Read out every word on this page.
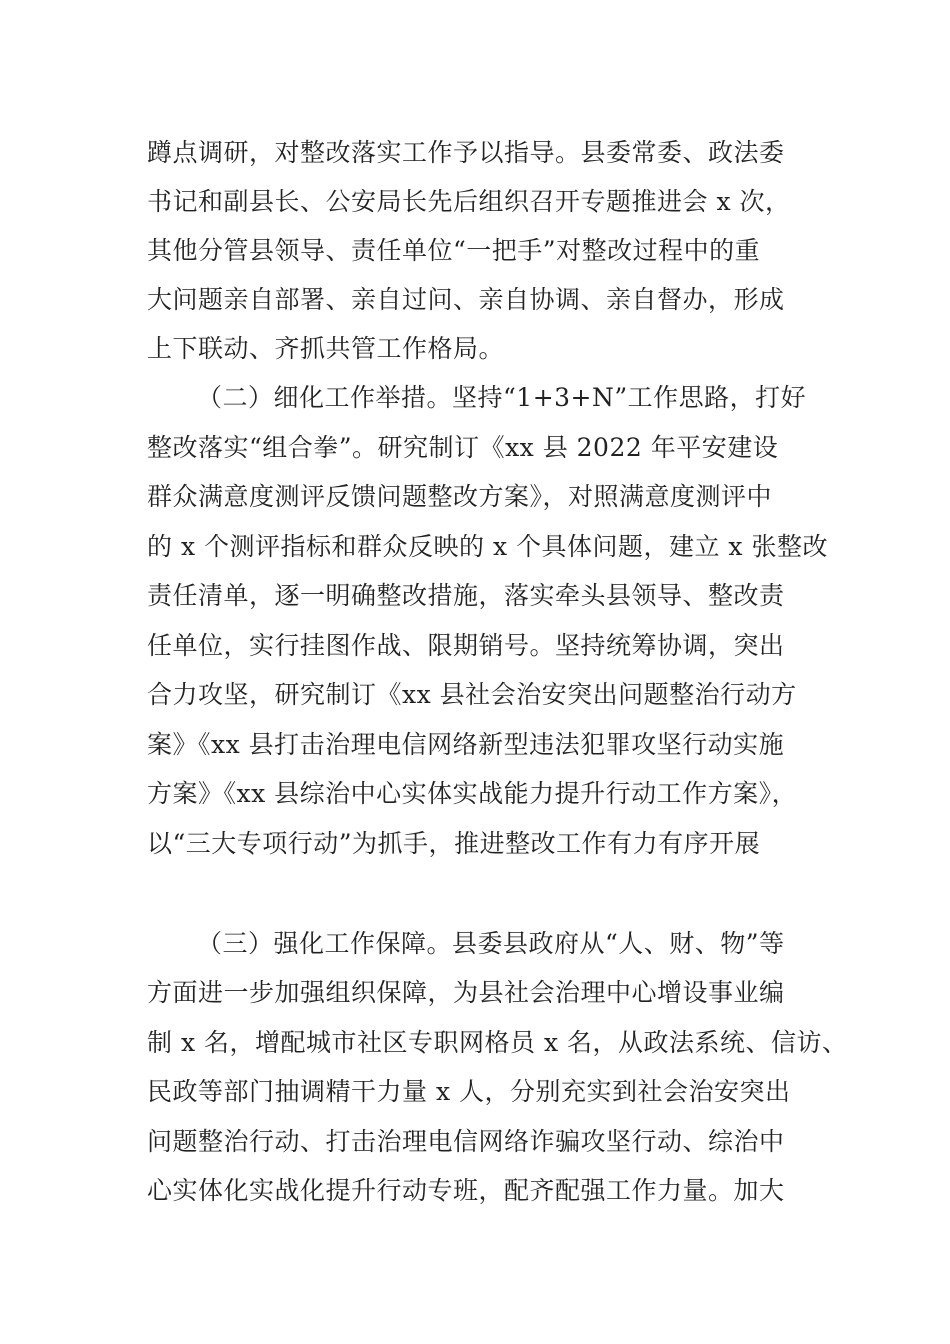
蹲点调研，对整改落实工作予以指导。县委常委、政法委
书记和副县长、公安局长先后组织召开专题推进会 x 次，
其他分管县领导、责任单位“一把手”对整改过程中的重
大问题亲自部署、亲自过问、亲自协调、亲自督办，形成
上下联动、齐抓共管工作格局。
（二）细化工作举措。坚持“1+3+N”工作思路，打好
整改落实“组合拳”。研究制订《xx 县 2022 年平安建设
群众满意度测评反馈问题整改方案》，对照满意度测评中
的 x 个测评指标和群众反映的 x 个具体问题，建立 x 张整改
责任清单，逐一明确整改措施，落实牵头县领导、整改责
任单位，实行挂图作战、限期销号。坚持统筹协调，突出
合力攻坚，研究制订《xx 县社会治安突出问题整治行动方
案》《xx 县打击治理电信网络新型违法犯罪攻坚行动实施
方案》《xx 县综治中心实体实战能力提升行动工作方案》，
以“三大专项行动”为抓手，推进整改工作有力有序开展
（三）强化工作保障。县委县政府从“人、财、物”等
方面进一步加强组织保障，为县社会治理中心增设事业编
制 x 名，增配城市社区专职网格员 x 名，从政法系统、信访、
民政等部门抽调精干力量 x 人，分别充实到社会治安突出
问题整治行动、打击治理电信网络诈骗攻坚行动、综治中
心实体化实战化提升行动专班，配齐配强工作力量。加大
